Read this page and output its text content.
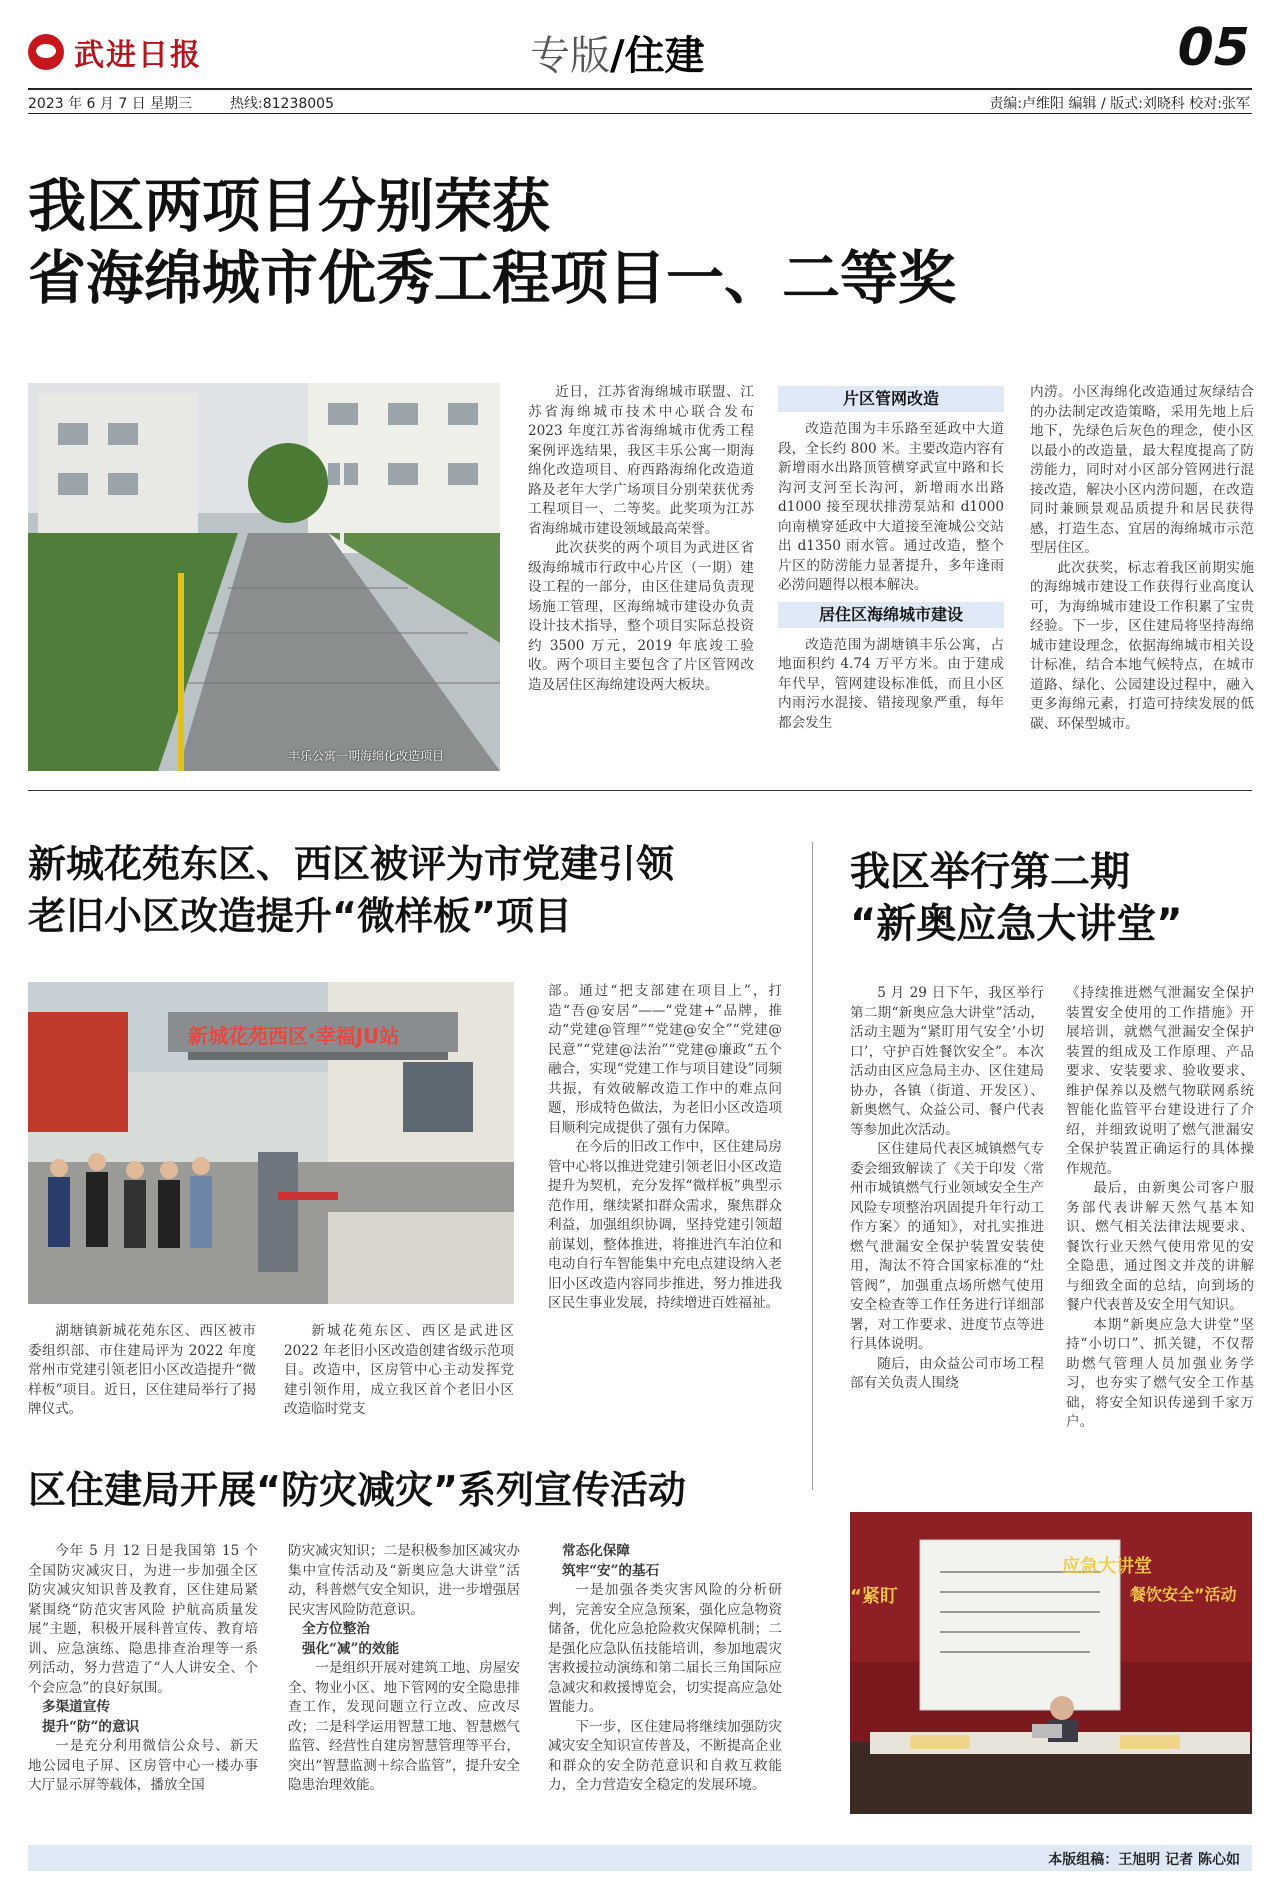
武进日报	专版/住建	05
2023 年 6 月 7 日 星期三	热线:81238005	责编:卢维阳 编辑 / 版式:刘晓科 校对:张军
我区两项目分别荣获
省海绵城市优秀工程项目一、二等奖
丰乐公寓一期海绵化改造项目

近日，江苏省海绵城市联盟、江苏省海绵城市技术中心联合发布 2023 年度江苏省海绵城市优秀工程案例评选结果，我区丰乐公寓一期海绵化改造项目、府西路海绵化改造道路及老年大学广场项目分别荣获优秀工程项目一、二等奖。此奖项为江苏省海绵城市建设领域最高荣誉。

此次获奖的两个项目为武进区省级海绵城市行政中心片区（一期）建设工程的一部分，由区住建局负责现场施工管理，区海绵城市建设办负责设计技术指导，整个项目实际总投资约 3500 万元，2019 年底竣工验收。两个项目主要包含了片区管网改造及居住区海绵建设两大板块。

片区管网改造

改造范围为丰乐路至延政中大道段，全长约 800 米。主要改造内容有新增雨水出路顶管横穿武宣中路和长沟河支河至长沟河，新增雨水出路 d1000 接至现状排涝泵站和 d1000 向南横穿延政中大道接至淹城公交站出 d1350 雨水管。通过改造，整个片区的防涝能力显著提升，多年逢雨必涝问题得以根本解决。

居住区海绵城市建设

改造范围为湖塘镇丰乐公寓，占地面积约 4.74 万平方米。由于建成年代早，管网建设标准低，而且小区内雨污水混接、错接现象严重，每年都会发生

内涝。小区海绵化改造通过灰绿结合的办法制定改造策略，采用先地上后地下，先绿色后灰色的理念，使小区以最小的改造量，最大程度提高了防涝能力，同时对小区部分管网进行混接改造，解决小区内涝问题，在改造同时兼顾景观品质提升和居民获得感，打造生态、宜居的海绵城市示范型居住区。

此次获奖，标志着我区前期实施的海绵城市建设工作获得行业高度认可，为海绵城市建设工作积累了宝贵经验。下一步，区住建局将坚持海绵城市建设理念，依据海绵城市相关设计标准，结合本地气候特点，在城市道路、绿化、公园建设过程中，融入更多海绵元素，打造可持续发展的低碳、环保型城市。

新城花苑东区、西区被评为市党建引领
老旧小区改造提升“微样板”项目
新城花苑西区·幸福JU站

湖塘镇新城花苑东区、西区被市委组织部、市住建局评为 2022 年度常州市党建引领老旧小区改造提升“微样板”项目。近日，区住建局举行了揭牌仪式。

新城花苑东区、西区是武进区 2022 年老旧小区改造创建省级示范项目。改造中，区房管中心主动发挥党建引领作用，成立我区首个老旧小区改造临时党支

部。通过“把支部建在项目上”，打造“吾@安居”——“党建+”品牌，推动“党建@管理”“党建@安全”“党建@民意”“党建@法治”“党建@廉政”五个融合，实现“党建工作与项目建设”同频共振，有效破解改造工作中的难点问题，形成特色做法，为老旧小区改造项目顺利完成提供了强有力保障。

在今后的旧改工作中，区住建局房管中心将以推进党建引领老旧小区改造提升为契机，充分发挥“微样板”典型示范作用，继续紧扣群众需求，聚焦群众利益，加强组织协调，坚持党建引领超前谋划，整体推进，将推进汽车泊位和电动自行车智能集中充电点建设纳入老旧小区改造内容同步推进，努力推进我区民生事业发展，持续增进百姓福祉。

我区举行第二期
“新奥应急大讲堂”

5 月 29 日下午，我区举行第二期“新奥应急大讲堂”活动，活动主题为“紧盯用气安全‘小切口’，守护百姓餐饮安全”。本次活动由区应急局主办、区住建局协办，各镇（街道、开发区）、新奥燃气、众益公司、餐户代表等参加此次活动。

区住建局代表区城镇燃气专委会细致解读了《关于印发〈常州市城镇燃气行业领域安全生产风险专项整治巩固提升年行动工作方案〉的通知》，对扎实推进燃气泄漏安全保护装置安装使用，淘汰不符合国家标准的“灶管阀”，加强重点场所燃气使用安全检查等工作任务进行详细部署，对工作要求、进度节点等进行具体说明。

随后，由众益公司市场工程部有关负责人围绕

《持续推进燃气泄漏安全保护装置安全使用的工作措施》开展培训，就燃气泄漏安全保护装置的组成及工作原理、产品要求、安装要求、验收要求、维护保养以及燃气物联网系统智能化监管平台建设进行了介绍，并细致说明了燃气泄漏安全保护装置正确运行的具体操作规范。

最后，由新奥公司客户服务部代表讲解天然气基本知识、燃气相关法律法规要求、餐饮行业天然气使用常见的安全隐患，通过图文并茂的讲解与细致全面的总结，向到场的餐户代表普及安全用气知识。

本期“新奥应急大讲堂”坚持“小切口”、抓关键，不仅帮助燃气管理人员加强业务学习，也夯实了燃气安全工作基础，将安全知识传递到千家万户。

应急大讲堂
“紧盯	餐饮安全”活动
区住建局开展“防灾减灾”系列宣传活动

今年 5 月 12 日是我国第 15 个全国防灾减灾日，为进一步加强全区防灾减灾知识普及教育，区住建局紧紧围绕“防范灾害风险 护航高质量发展”主题，积极开展科普宣传、教育培训、应急演练、隐患排查治理等一系列活动，努力营造了“人人讲安全、个个会应急”的良好氛围。

多渠道宣传

提升“防”的意识

一是充分利用微信公众号、新天地公园电子屏、区房管中心一楼办事大厅显示屏等载体，播放全国

防灾减灾知识；二是积极参加区减灾办集中宣传活动及“新奥应急大讲堂”活动，科普燃气安全知识，进一步增强居民灾害风险防范意识。

全方位整治

强化“减”的效能

一是组织开展对建筑工地、房屋安全、物业小区、地下管网的安全隐患排查工作，发现问题立行立改、应改尽改；二是科学运用智慧工地、智慧燃气监管、经营性自建房智慧管理等平台，突出“智慧监测＋综合监管”，提升安全隐患治理效能。

常态化保障

筑牢“安”的基石

一是加强各类灾害风险的分析研判，完善安全应急预案，强化应急物资储备，优化应急抢险救灾保障机制；二是强化应急队伍技能培训，参加地震灾害救援拉动演练和第二届长三角国际应急减灾和救援博览会，切实提高应急处置能力。

下一步，区住建局将继续加强防灾减灾安全知识宣传普及，不断提高企业和群众的安全防范意识和自救互救能力，全力营造安全稳定的发展环境。

本版组稿：王旭明 记者 陈心如
